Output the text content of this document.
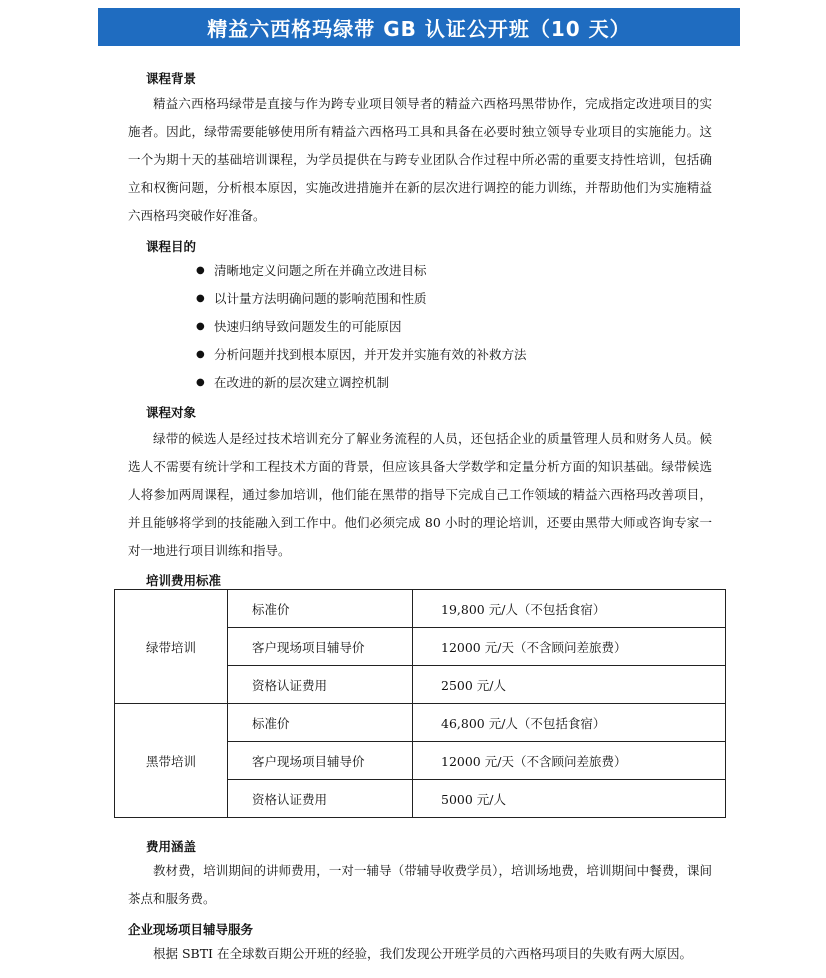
精益六西格玛绿带 GB 认证公开班（10 天）
课程背景

精益六西格玛绿带是直接与作为跨专业项目领导者的精益六西格玛黑带协作，完成指定改进项目的实施者。因此，绿带需要能够使用所有精益六西格玛工具和具备在必要时独立领导专业项目的实施能力。这一个为期十天的基础培训课程，为学员提供在与跨专业团队合作过程中所必需的重要支持性培训，包括确立和权衡问题，分析根本原因，实施改进措施并在新的层次进行调控的能力训练，并帮助他们为实施精益六西格玛突破作好准备。

课程目的
● 清晰地定义问题之所在并确立改进目标
● 以计量方法明确问题的影响范围和性质
● 快速归纳导致问题发生的可能原因
● 分析问题并找到根本原因，并开发并实施有效的补救方法
● 在改进的新的层次建立调控机制
课程对象

绿带的候选人是经过技术培训充分了解业务流程的人员，还包括企业的质量管理人员和财务人员。候选人不需要有统计学和工程技术方面的背景，但应该具备大学数学和定量分析方面的知识基础。绿带候选人将参加两周课程，通过参加培训，他们能在黑带的指导下完成自己工作领域的精益六西格玛改善项目，并且能够将学到的技能融入到工作中。他们必须完成 80 小时的理论培训，还要由黑带大师或咨询专家一对一地进行项目训练和指导。

培训费用标准
绿带培训	标准价	19,800 元/人（不包括食宿）
	客户现场项目辅导价	12000 元/天（不含顾问差旅费）
	资格认证费用	2500 元/人
黑带培训	标准价	46,800 元/人（不包括食宿）
	客户现场项目辅导价	12000 元/天（不含顾问差旅费）
	资格认证费用	5000 元/人
费用涵盖

教材费，培训期间的讲师费用，一对一辅导（带辅导收费学员），培训场地费，培训期间中餐费，课间茶点和服务费。

企业现场项目辅导服务

根据 SBTI 在全球数百期公开班的经验，我们发现公开班学员的六西格玛项目的失败有两大原因。
